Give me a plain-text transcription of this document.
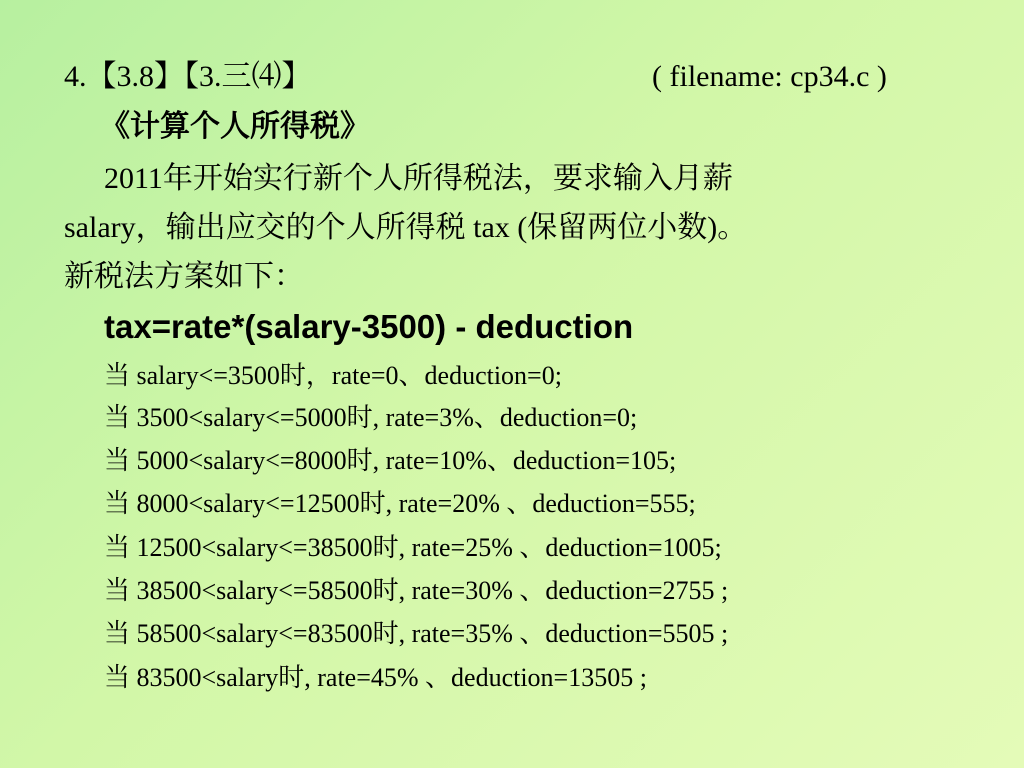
4.【3.8】【3.三⑷】	( filename: cp34.c )
《计算个人所得税》
2011年开始实行新个人所得税法，要求输入月薪
salary，输出应交的个人所得税 tax (保留两位小数)。
新税法方案如下：
tax=rate*(salary-3500) - deduction
当 salary<=3500时，rate=0、deduction=0;
当 3500<salary<=5000时, rate=3%、deduction=0;
当 5000<salary<=8000时, rate=10%、deduction=105;
当 8000<salary<=12500时, rate=20% 、deduction=555;
当 12500<salary<=38500时, rate=25% 、deduction=1005;
当 38500<salary<=58500时, rate=30% 、deduction=2755 ;
当 58500<salary<=83500时, rate=35% 、deduction=5505 ;
当 83500<salary时, rate=45% 、deduction=13505 ;
